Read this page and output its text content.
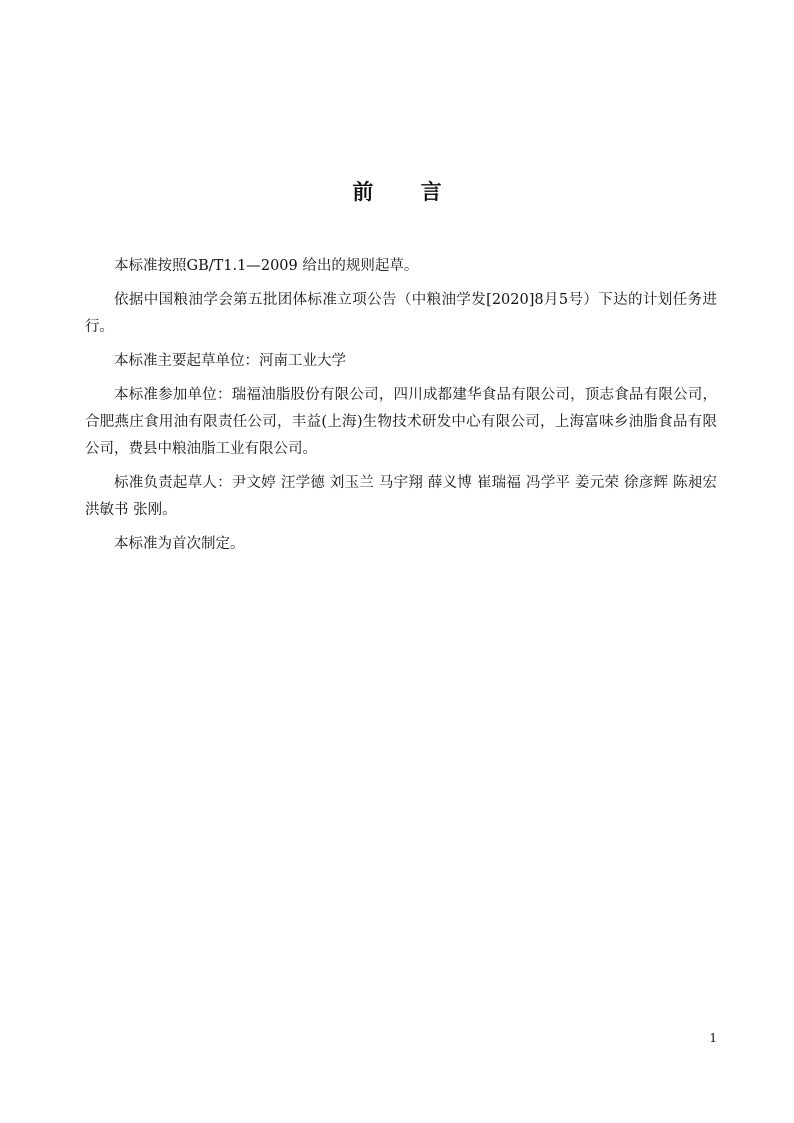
前 言

本标准按照GB/T1.1—2009 给出的规则起草。

依据中国粮油学会第五批团体标准立项公告（中粮油学发[2020]8月5号）下达的计划任务进行。

本标准主要起草单位：河南工业大学

本标准参加单位：瑞福油脂股份有限公司，四川成都建华食品有限公司，顶志食品有限公司，合肥燕庄食用油有限责任公司，丰益(上海)生物技术研发中心有限公司，上海富味乡油脂食品有限公司，费县中粮油脂工业有限公司。

标准负责起草人：尹文婷 汪学德 刘玉兰 马宇翔 薛义博 崔瑞福 冯学平 姜元荣 徐彦辉 陈昶宏 洪敏书 张刚。

本标准为首次制定。

1
